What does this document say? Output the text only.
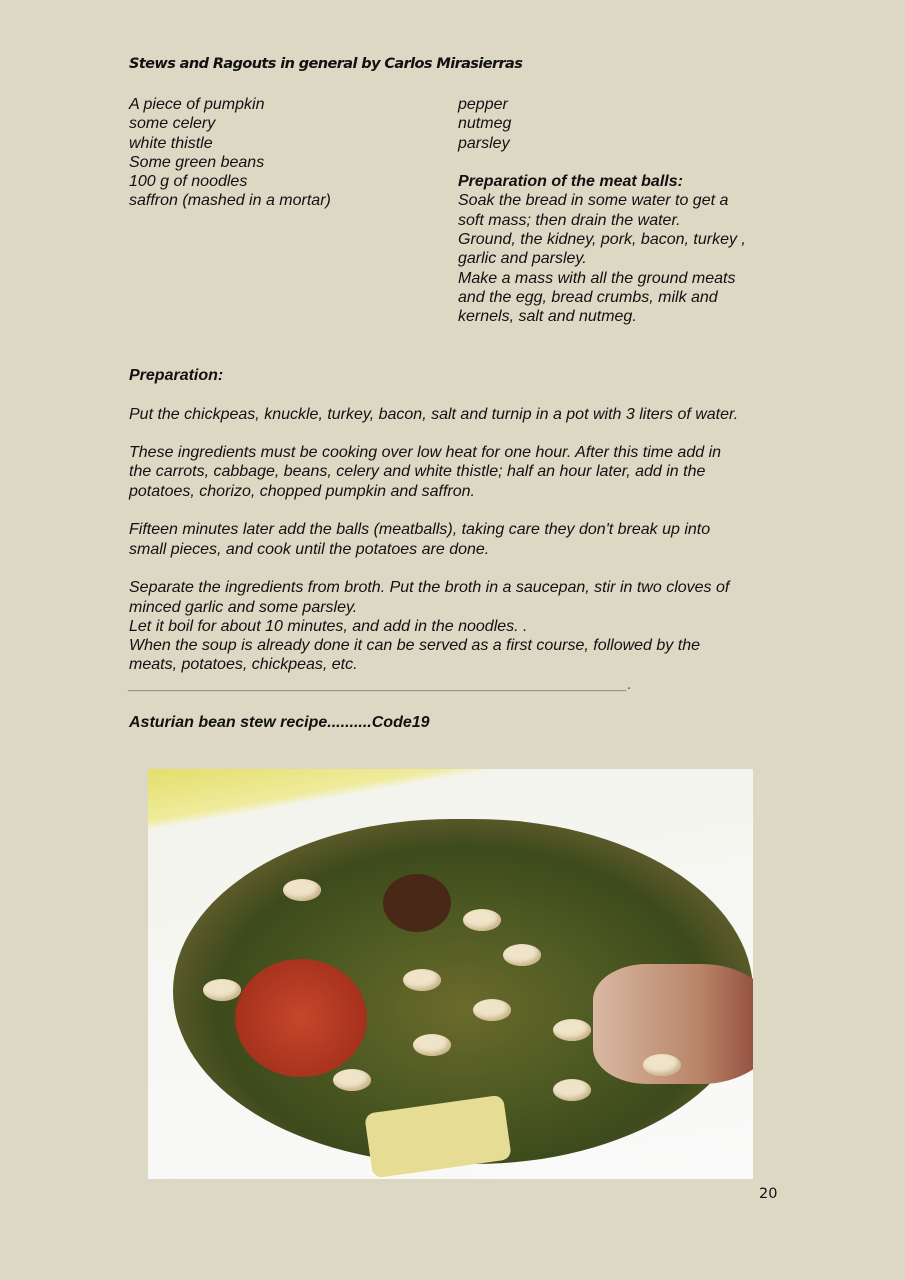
Stews and Ragouts in general by Carlos Mirasierras
A piece of pumpkin
some celery
white thistle
Some green beans
100 g of noodles
saffron (mashed in a mortar)
pepper
nutmeg
parsley

Preparation of the meat balls:
Soak the bread in some water to get a
soft mass; then drain the water.
Ground, the kidney, pork, bacon, turkey ,
garlic and parsley.
Make a mass with all the ground meats
and the egg, bread crumbs, milk and
kernels, salt and nutmeg.

Preparation:

Put the chickpeas, knuckle, turkey, bacon, salt and turnip in a pot with 3 liters of water.

These ingredients must be cooking over low heat for one hour. After this time add in
the carrots, cabbage, beans, celery and white thistle; half an hour later, add in the
potatoes, chorizo, chopped pumpkin and saffron.

Fifteen minutes later add the balls (meatballs), taking care they don't break up into
small pieces, and cook until the potatoes are done.

Separate the ingredients from broth. Put the broth in a saucepan, stir in two cloves of
minced garlic and some parsley.
Let it boil for about 10 minutes, and add in the noodles. .
When the soup is already done it can be served as a first course, followed by the
meats, potatoes, chickpeas, etc.
________________________________________________________.

Asturian bean stew recipe..........Code19

20
